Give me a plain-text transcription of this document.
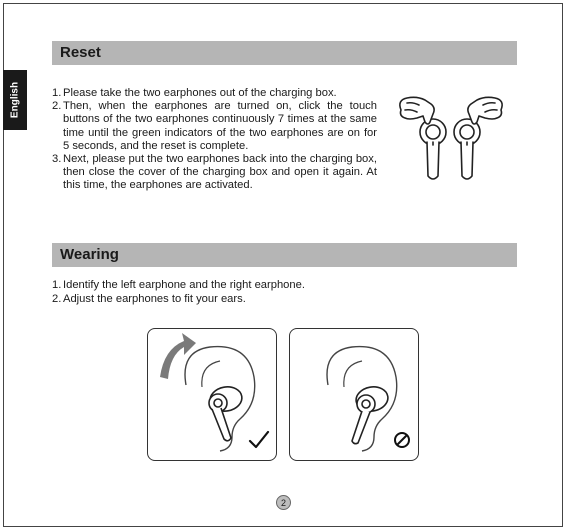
English
Reset
1. Please take the two earphones out of the charging box.
2. Then, when the earphones are turned on, click the touch buttons of the two earphones continuously 7 times at the same time until the green indicators of the two earphones are on for 5 seconds, and the reset is complete.
3. Next, please put the two earphones back into the charging box, then close the cover of the charging box and open it again. At this time, the earphones are activated.
Wearing
1. Identify the left earphone and the right earphone.
2. Adjust the earphones to fit your ears.
2
